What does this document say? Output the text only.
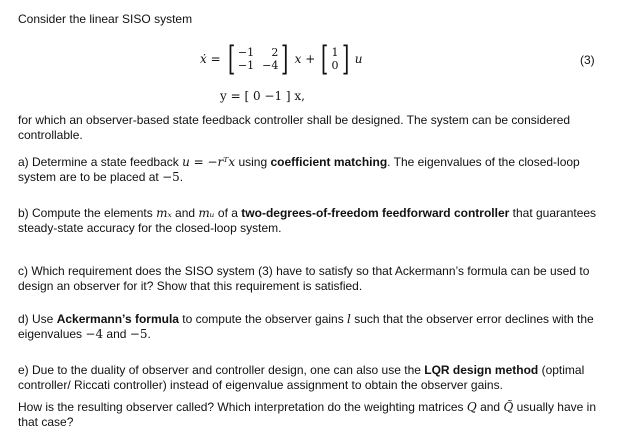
Consider the linear SISO system

ẋ = [ −1	2
−1 −4 ] x + [ 1
0 ] u	(3)
y = [ 0 −1 ] x,

for which an observer-based state feedback controller shall be designed. The system can be considered controllable.

a) Determine a state feedback u = −rᵀx using coefficient matching. The eigenvalues of the closed-loop system are to be placed at −5.

b) Compute the elements mₓ and mᵤ of a two-degrees-of-freedom feedforward controller that guarantees steady-state accuracy for the closed-loop system.

c) Which requirement does the SISO system (3) have to satisfy so that Ackermann’s formula can be used to design an observer for it? Show that this requirement is satisfied.

d) Use Ackermann’s formula to compute the observer gains l such that the observer error declines with the eigenvalues −4 and −5.

e) Due to the duality of observer and controller design, one can also use the LQR design method (optimal controller/ Riccati controller) instead of eigenvalue assignment to obtain the observer gains.

How is the resulting observer called? Which interpretation do the weighting matrices Q and Q̃ usually have in that case?
